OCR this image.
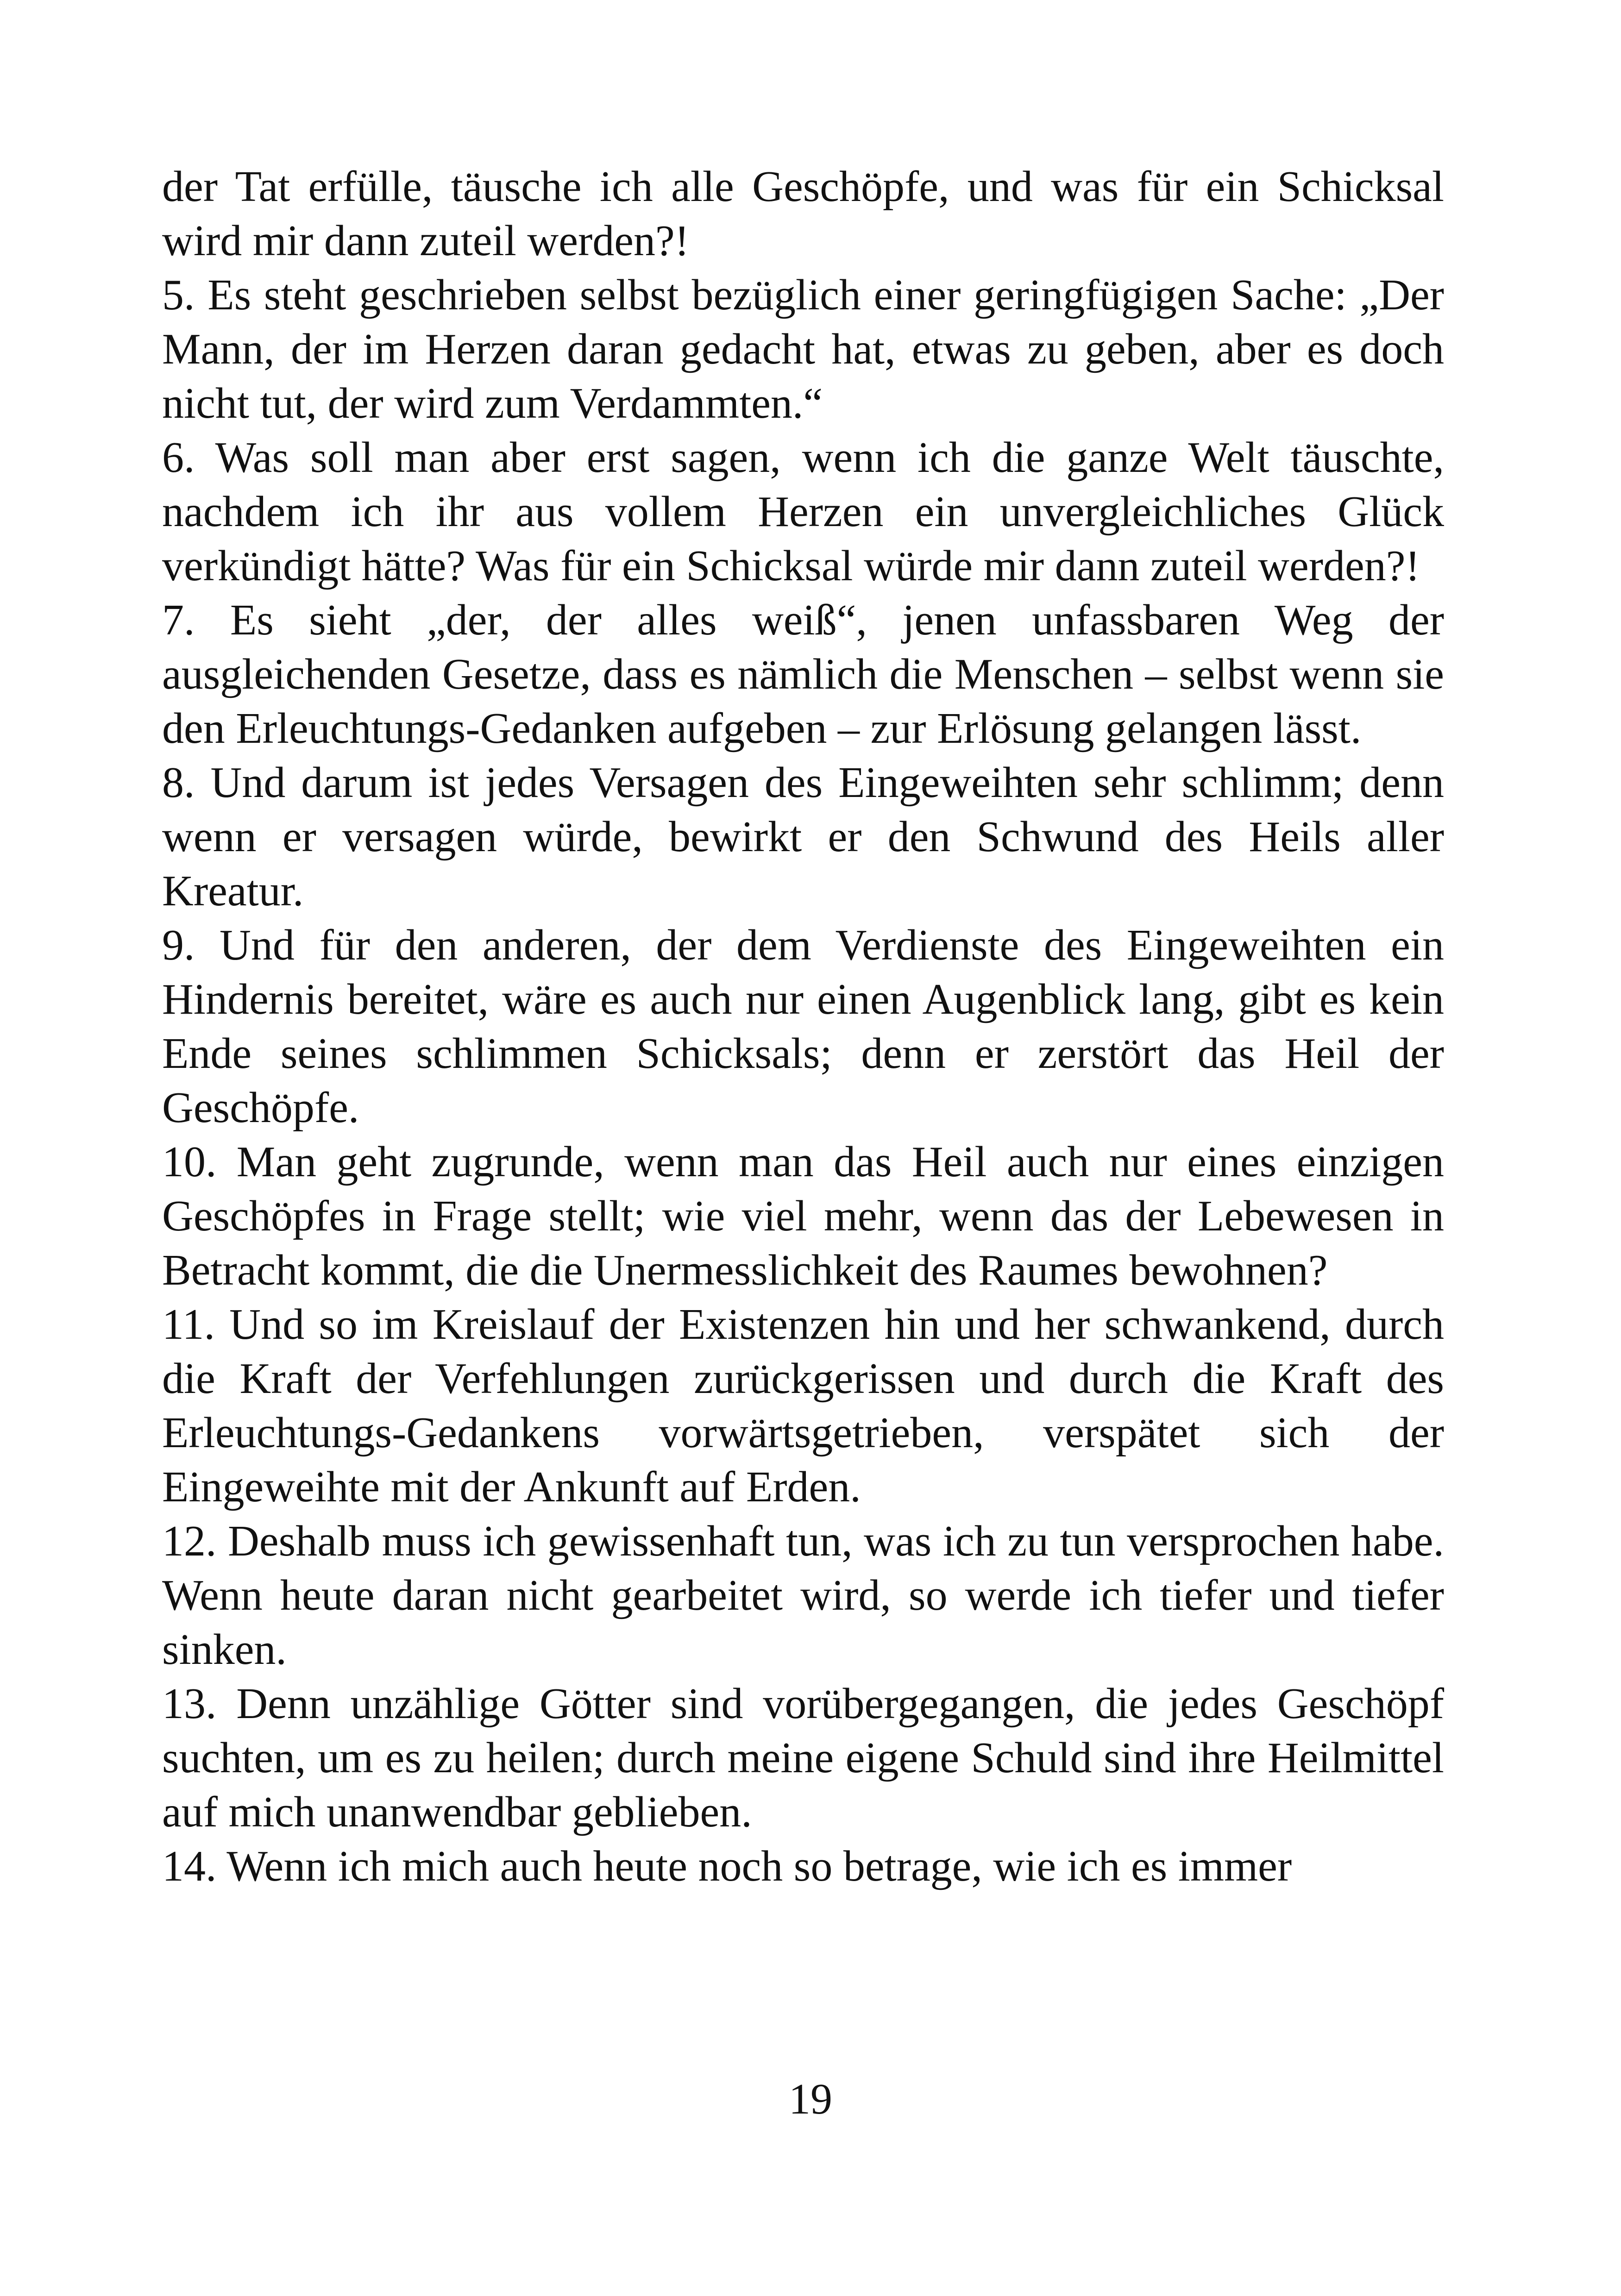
der Tat erfülle, täusche ich alle Geschöpfe, und was für ein Schicksal wird mir dann zuteil werden?!

5. Es steht geschrieben selbst bezüglich einer geringfügigen Sache: „Der Mann, der im Herzen daran gedacht hat, etwas zu geben, aber es doch nicht tut, der wird zum Verdammten.“

6. Was soll man aber erst sagen, wenn ich die ganze Welt täuschte, nachdem ich ihr aus vollem Herzen ein unvergleichliches Glück verkündigt hätte? Was für ein Schicksal würde mir dann zuteil werden?!

7. Es sieht „der, der alles weiß“, jenen unfassbaren Weg der ausgleichenden Gesetze, dass es nämlich die Menschen – selbst wenn sie den Erleuchtungs-Gedanken aufgeben – zur Erlösung gelangen lässt.

8. Und darum ist jedes Versagen des Eingeweihten sehr schlimm; denn wenn er versagen würde, bewirkt er den Schwund des Heils aller Kreatur.

9. Und für den anderen, der dem Verdienste des Eingeweihten ein Hindernis bereitet, wäre es auch nur einen Augenblick lang, gibt es kein Ende seines schlimmen Schicksals; denn er zerstört das Heil der Geschöpfe.

10. Man geht zugrunde, wenn man das Heil auch nur eines einzigen Geschöpfes in Frage stellt; wie viel mehr, wenn das der Lebewesen in Betracht kommt, die die Unermesslichkeit des Raumes bewohnen?

11. Und so im Kreislauf der Existenzen hin und her schwankend, durch die Kraft der Verfehlungen zurückgerissen und durch die Kraft des Erleuchtungs-Gedankens vorwärtsgetrieben, verspätet sich der Eingeweihte mit der Ankunft auf Erden.

12. Deshalb muss ich gewissenhaft tun, was ich zu tun versprochen habe. Wenn heute daran nicht gearbeitet wird, so werde ich tiefer und tiefer sinken.

13. Denn unzählige Götter sind vorübergegangen, die jedes Geschöpf suchten, um es zu heilen; durch meine eigene Schuld sind ihre Heilmittel auf mich unanwendbar geblieben.

14. Wenn ich mich auch heute noch so betrage, wie ich es immer

19
